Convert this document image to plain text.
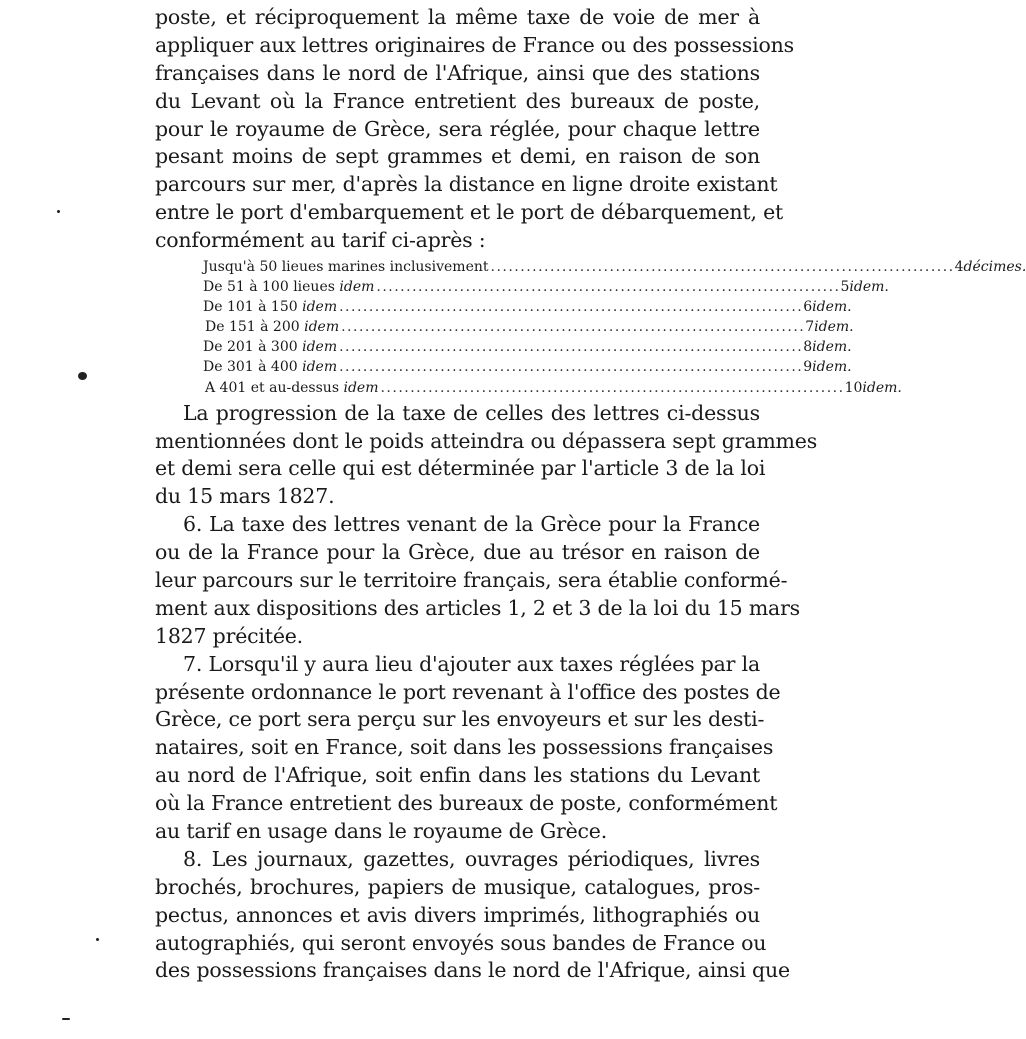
poste, et réciproquement la même taxe de voie de mer à
appliquer aux lettres originaires de France ou des possessions
françaises dans le nord de l'Afrique, ainsi que des stations
du Levant où la France entretient des bureaux de poste,
pour le royaume de Grèce, sera réglée, pour chaque lettre
pesant moins de sept grammes et demi, en raison de son
parcours sur mer, d'après la distance en ligne droite existant
entre le port d'embarquement et le port de débarquement, et
conformément au tarif ci-après :
Jusqu'à 50 lieues marines inclusivement .............................................................................. 4 décimes.
De 51 à 100 lieues idem .............................................................................. 5 idem.
De 101 à 150 idem .............................................................................. 6 idem.
De 151 à 200 idem .............................................................................. 7 idem.
De 201 à 300 idem .............................................................................. 8 idem.
De 301 à 400 idem .............................................................................. 9 idem.
A 401 et au-dessus idem .............................................................................. 10 idem.
La progression de la taxe de celles des lettres ci-dessus
mentionnées dont le poids atteindra ou dépassera sept grammes
et demi sera celle qui est déterminée par l'article 3 de la loi
du 15 mars 1827.
6. La taxe des lettres venant de la Grèce pour la France
ou de la France pour la Grèce, due au trésor en raison de
leur parcours sur le territoire français, sera établie conformé-
ment aux dispositions des articles 1, 2 et 3 de la loi du 15 mars
1827 précitée.
7. Lorsqu'il y aura lieu d'ajouter aux taxes réglées par la
présente ordonnance le port revenant à l'office des postes de
Grèce, ce port sera perçu sur les envoyeurs et sur les desti-
nataires, soit en France, soit dans les possessions françaises
au nord de l'Afrique, soit enfin dans les stations du Levant
où la France entretient des bureaux de poste, conformément
au tarif en usage dans le royaume de Grèce.
8. Les journaux, gazettes, ouvrages périodiques, livres
brochés, brochures, papiers de musique, catalogues, pros-
pectus, annonces et avis divers imprimés, lithographiés ou
autographiés, qui seront envoyés sous bandes de France ou
des possessions françaises dans le nord de l'Afrique, ainsi que
